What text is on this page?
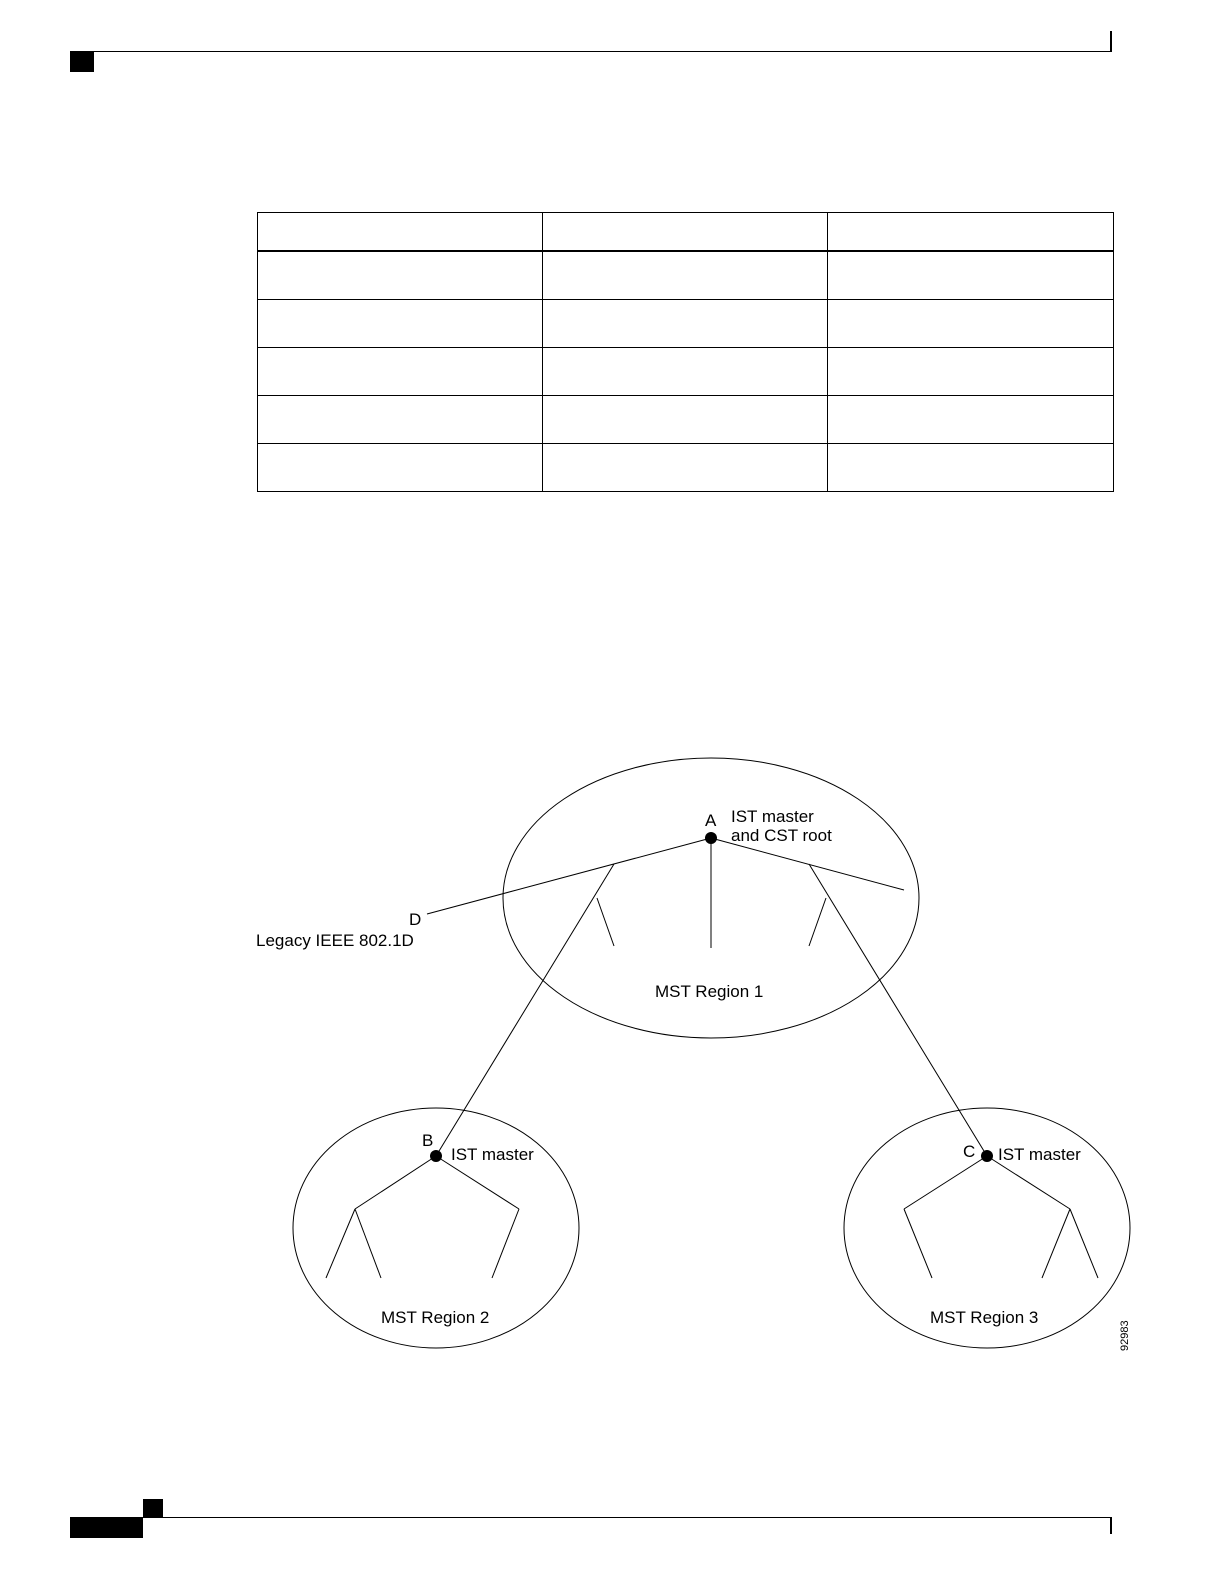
A IST master
and CST root
D
Legacy IEEE 802.1D
MST Region 1
B
IST master	C IST master
MST Region 2	MST Region 3
92983
